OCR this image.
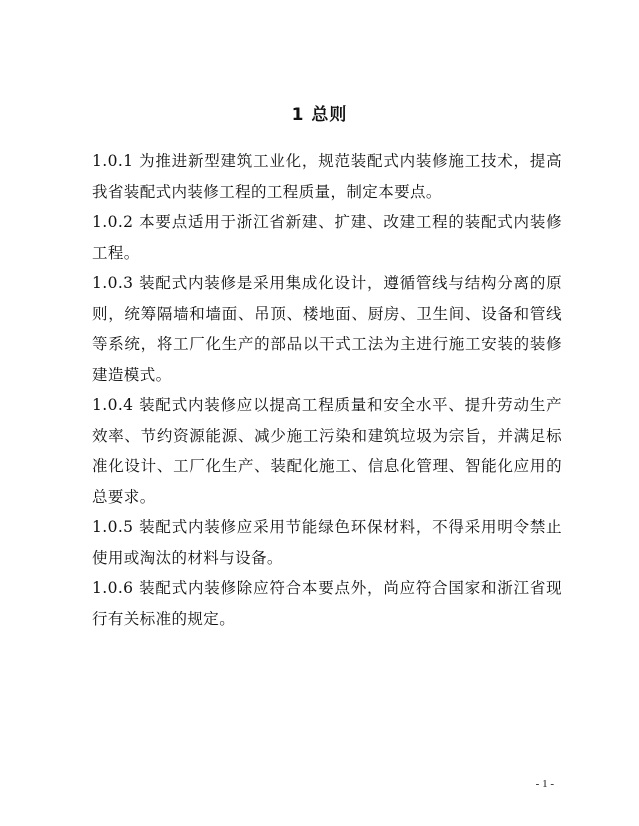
1 总则

1.0.1 为推进新型建筑工业化，规范装配式内装修施工技术，提高我省装配式内装修工程的工程质量，制定本要点。

1.0.2 本要点适用于浙江省新建、扩建、改建工程的装配式内装修工程。

1.0.3 装配式内装修是采用集成化设计，遵循管线与结构分离的原则，统筹隔墙和墙面、吊顶、楼地面、厨房、卫生间、设备和管线等系统，将工厂化生产的部品以干式工法为主进行施工安装的装修建造模式。

1.0.4 装配式内装修应以提高工程质量和安全水平、提升劳动生产效率、节约资源能源、减少施工污染和建筑垃圾为宗旨，并满足标准化设计、工厂化生产、装配化施工、信息化管理、智能化应用的总要求。

1.0.5 装配式内装修应采用节能绿色环保材料，不得采用明令禁止使用或淘汰的材料与设备。

1.0.6 装配式内装修除应符合本要点外，尚应符合国家和浙江省现行有关标准的规定。

- 1 -
